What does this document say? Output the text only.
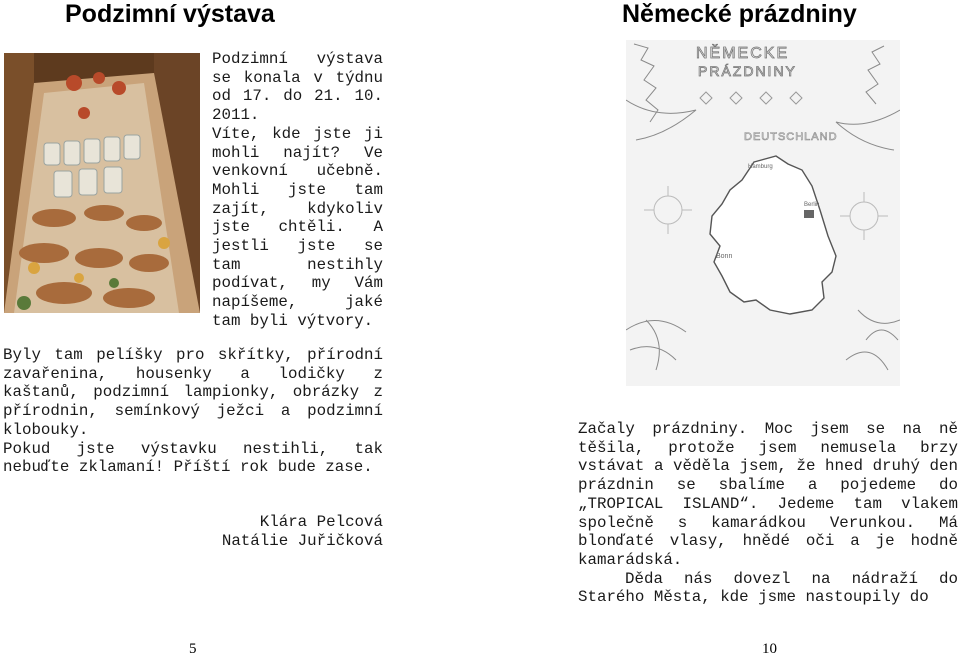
Podzimní výstava
Podzimní výstava
se konala v týdnu
od 17. do 21. 10.
2011.
Víte, kde jste ji
mohli najít? Ve
venkovní učebně.
Mohli jste tam
zajít, kdykoliv
jste chtěli. A
jestli jste se
tam nestihly
podívat, my Vám
napíšeme, jaké
tam byli výtvory.

Byly tam pelíšky pro skřítky, přírodní zavařenina, housenky a lodičky z kaštanů, podzimní lampionky, obrázky z přírodnin, semínkový ježci a podzimní klobouky.

Pokud jste výstavku nestihli, tak nebuďte zklamaní! Příští rok bude zase.

Klára Pelcová
Natálie Juřičková
5
Německé prázdniny
NĚMECKE
PRÁZDNINY
DEUTSCHLAND
Hamburg
Berlin
Bonn

Začaly prázdniny. Moc jsem se na ně těšila, protože jsem nemusela brzy vstávat a věděla jsem, že hned druhý den prázdnin se sbalíme a pojedeme do „TROPICAL ISLAND“. Jedeme tam vlakem společně s kamarádkou Verunkou. Má blonďaté vlasy, hnědé oči a je hodně kamarádská.

Děda nás dovezl na nádraží do Starého Města, kde jsme nastoupily do

10
